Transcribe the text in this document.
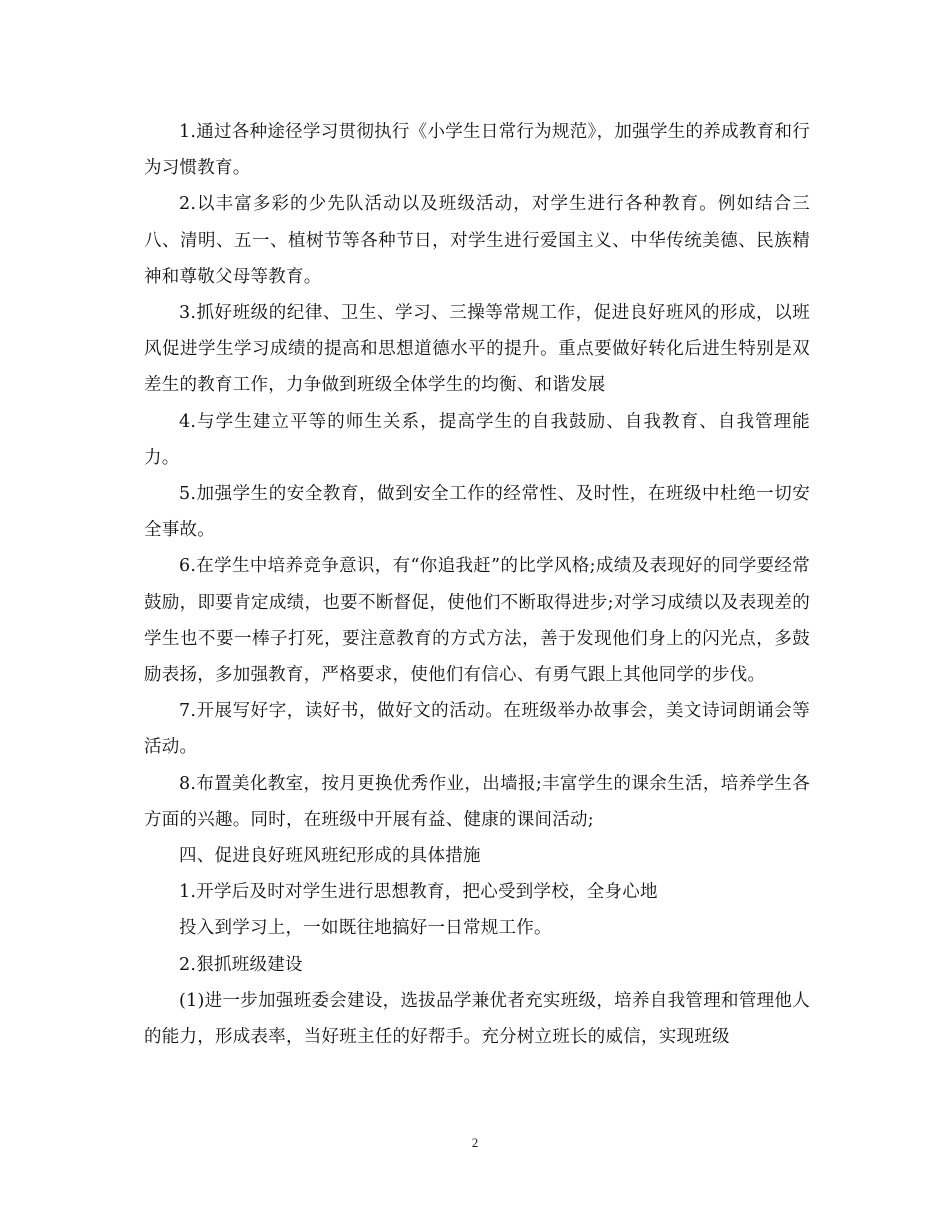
1.通过各种途径学习贯彻执行《小学生日常行为规范》，加强学生的养成教育和行为习惯教育。

2.以丰富多彩的少先队活动以及班级活动，对学生进行各种教育。例如结合三八、清明、五一、植树节等各种节日，对学生进行爱国主义、中华传统美德、民族精神和尊敬父母等教育。

3.抓好班级的纪律、卫生、学习、三操等常规工作，促进良好班风的形成，以班风促进学生学习成绩的提高和思想道德水平的提升。重点要做好转化后进生特别是双差生的教育工作，力争做到班级全体学生的均衡、和谐发展

4.与学生建立平等的师生关系，提高学生的自我鼓励、自我教育、自我管理能力。

5.加强学生的安全教育，做到安全工作的经常性、及时性，在班级中杜绝一切安全事故。

6.在学生中培养竞争意识，有“你追我赶”的比学风格;成绩及表现好的同学要经常鼓励，即要肯定成绩，也要不断督促，使他们不断取得进步;对学习成绩以及表现差的学生也不要一棒子打死，要注意教育的方式方法，善于发现他们身上的闪光点，多鼓励表扬，多加强教育，严格要求，使他们有信心、有勇气跟上其他同学的步伐。

7.开展写好字，读好书，做好文的活动。在班级举办故事会，美文诗词朗诵会等活动。

8.布置美化教室，按月更换优秀作业，出墙报;丰富学生的课余生活，培养学生各方面的兴趣。同时，在班级中开展有益、健康的课间活动;

四、促进良好班风班纪形成的具体措施

1.开学后及时对学生进行思想教育，把心受到学校，全身心地

投入到学习上，一如既往地搞好一日常规工作。

2.狠抓班级建设

(1)进一步加强班委会建设，选拔品学兼优者充实班级，培养自我管理和管理他人的能力，形成表率，当好班主任的好帮手。充分树立班长的威信，实现班级

2
